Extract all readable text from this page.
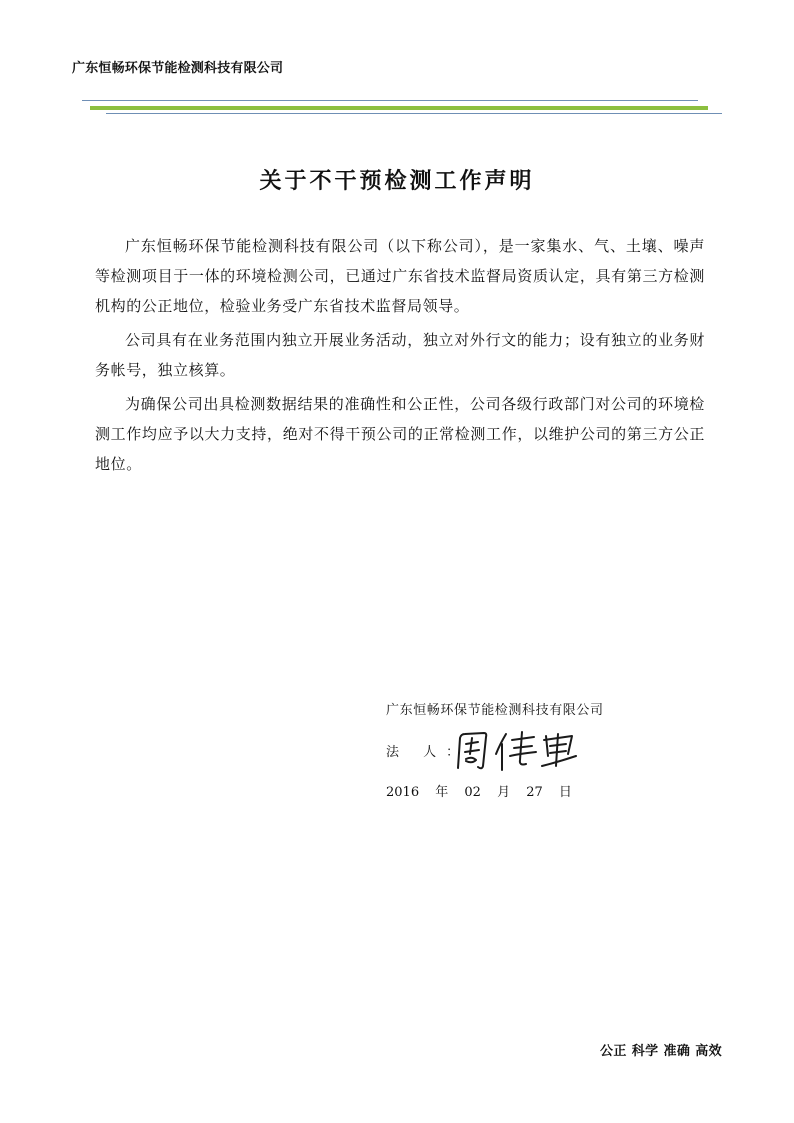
广东恒畅环保节能检测科技有限公司
关于不干预检测工作声明

广东恒畅环保节能检测科技有限公司（以下称公司），是一家集水、气、土壤、噪声等检测项目于一体的环境检测公司，已通过广东省技术监督局资质认定，具有第三方检测机构的公正地位，检验业务受广东省技术监督局领导。

公司具有在业务范围内独立开展业务活动，独立对外行文的能力；设有独立的业务财务帐号，独立核算。

为确保公司出具检测数据结果的准确性和公正性，公司各级行政部门对公司的环境检测工作均应予以大力支持，绝对不得干预公司的正常检测工作，以维护公司的第三方公正地位。

广东恒畅环保节能检测科技有限公司
法 人：
2016 年 02 月 27 日
公正 科学 准确 高效
